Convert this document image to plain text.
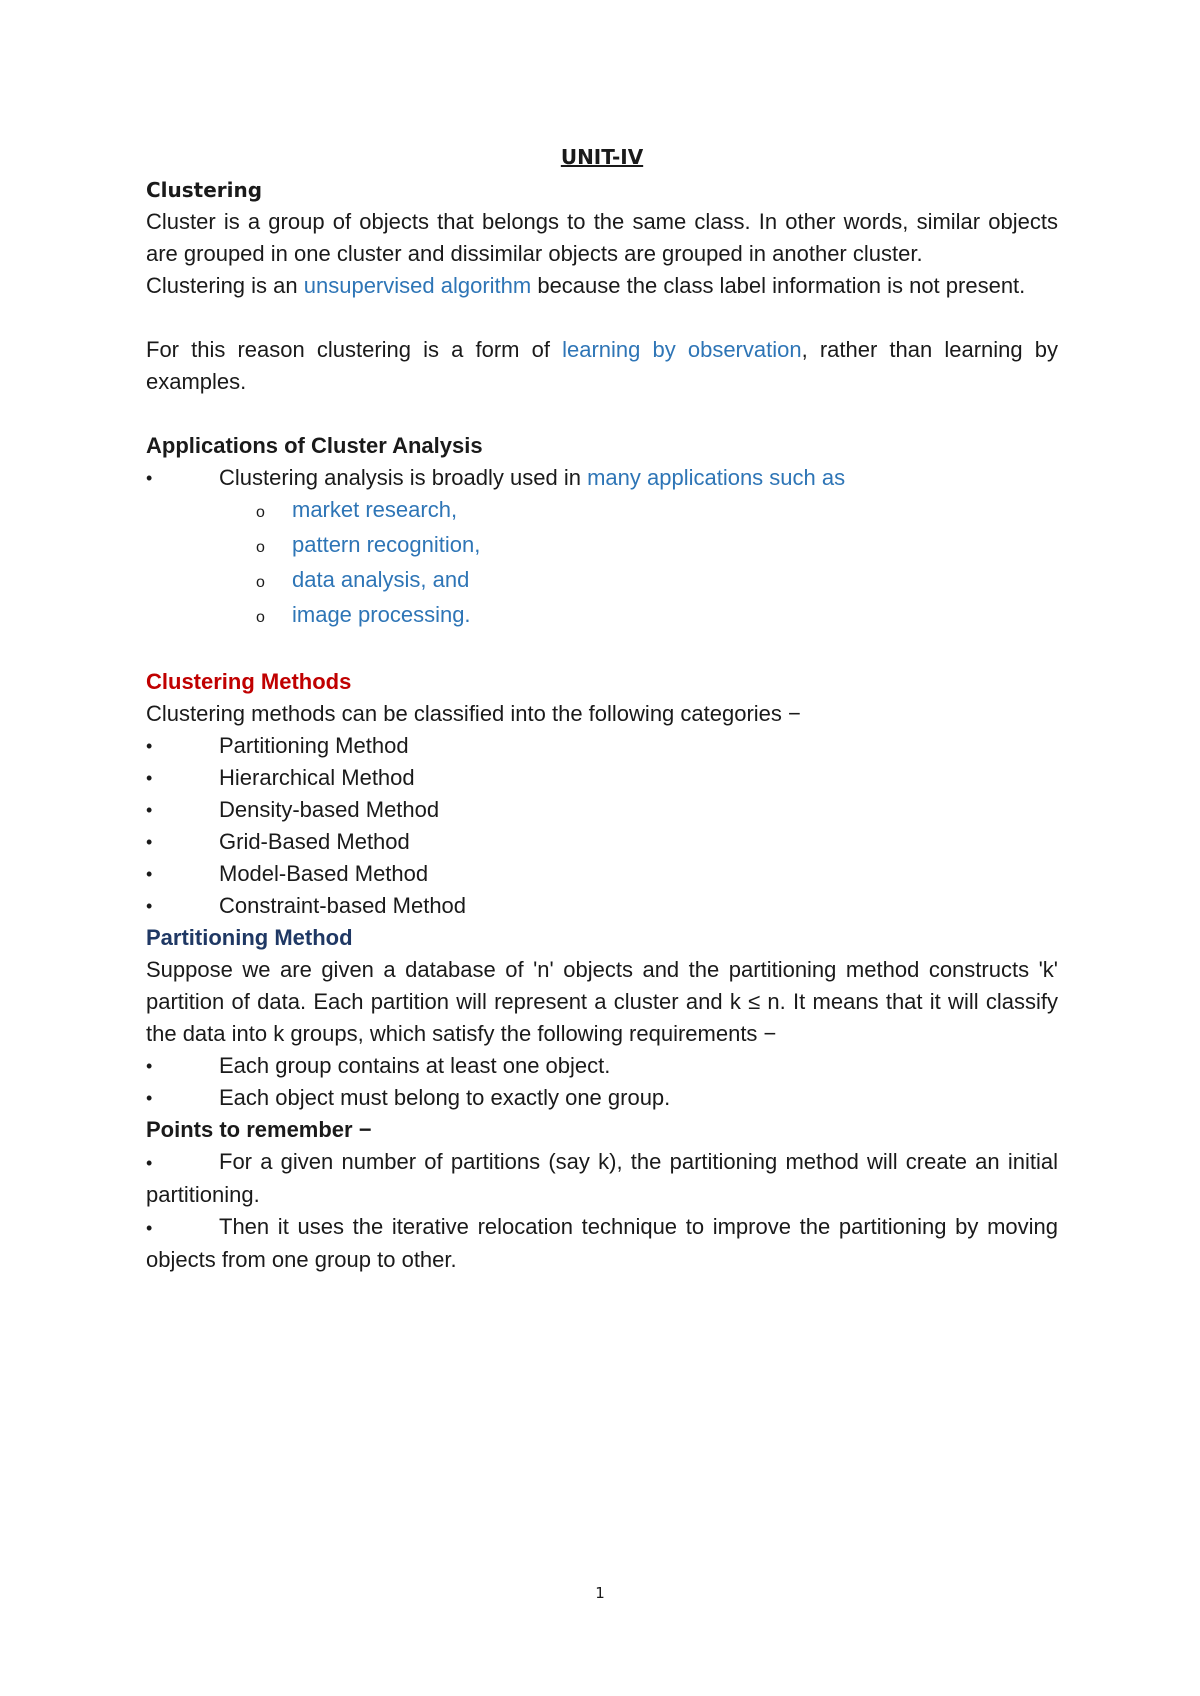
UNIT-IV
Clustering

Cluster is a group of objects that belongs to the same class. In other words, similar objects are grouped in one cluster and dissimilar objects are grouped in another cluster.

Clustering is an unsupervised algorithm because the class label information is not present.

For this reason clustering is a form of learning by observation, rather than learning by examples.

Applications of Cluster Analysis
•	Clustering analysis is broadly used in many applications such as
o	market research,
o	pattern recognition,
o	data analysis, and
o	image processing.
Clustering Methods
Clustering methods can be classified into the following categories −
•	Partitioning Method
•	Hierarchical Method
•	Density-based Method
•	Grid-Based Method
•	Model-Based Method
•	Constraint-based Method
Partitioning Method

Suppose we are given a database of 'n' objects and the partitioning method constructs 'k' partition of data. Each partition will represent a cluster and k ≤ n. It means that it will classify the data into k groups, which satisfy the following requirements −

•	Each group contains at least one object.
•	Each object must belong to exactly one group.
Points to remember −

•	For a given number of partitions (say k), the partitioning method will create an initial partitioning.

•	Then it uses the iterative relocation technique to improve the partitioning by moving objects from one group to other.

1
